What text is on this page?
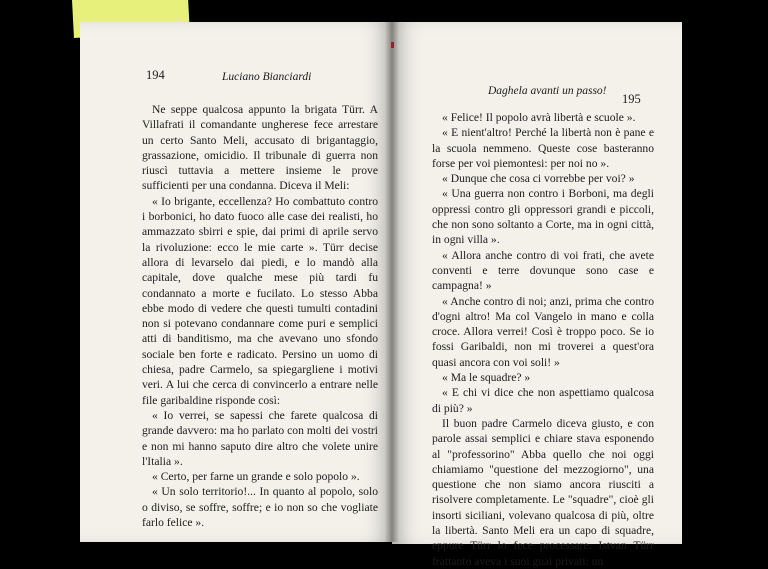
194	Luciano Bianciardi

Ne seppe qualcosa appunto la brigata Türr. A Villafrati il comandante ungherese fece arrestare un certo Santo Meli, accusato di brigantaggio, grassazione, omicidio. Il tribunale di guerra non riuscì tuttavia a mettere insieme le prove sufficienti per una condanna. Diceva il Meli:

« Io brigante, eccellenza? Ho combattuto contro i borbonici, ho dato fuoco alle case dei realisti, ho ammazzato sbirri e spie, dai primi di aprile servo la rivoluzione: ecco le mie carte ». Türr decise allora di levarselo dai piedi, e lo mandò alla capitale, dove qualche mese più tardi fu condannato a morte e fucilato. Lo stesso Abba ebbe modo di vedere che questi tumulti contadini non si potevano condannare come puri e semplici atti di banditismo, ma che avevano uno sfondo sociale ben forte e radicato. Persino un uomo di chiesa, padre Carmelo, sa spiegargliene i motivi veri. A lui che cerca di convincerlo a entrare nelle file garibaldine risponde così:

« Io verrei, se sapessi che farete qualcosa di grande davvero: ma ho parlato con molti dei vostri e non mi hanno saputo dire altro che volete unire l'Italia ».

« Certo, per farne un grande e solo popolo ».

« Un solo territorio!... In quanto al popolo, solo o diviso, se soffre, soffre; e io non so che vogliate farlo felice ».

Daghela avanti un passo!
195

« Felice! Il popolo avrà libertà e scuole ».

« E nient'altro! Perché la libertà non è pane e la scuola nemmeno. Queste cose basteranno forse per voi piemontesi: per noi no ».

« Dunque che cosa ci vorrebbe per voi? »

« Una guerra non contro i Borboni, ma degli oppressi contro gli oppressori grandi e piccoli, che non sono soltanto a Corte, ma in ogni città, in ogni villa ».

« Allora anche contro di voi frati, che avete conventi e terre dovunque sono case e campagna! »

« Anche contro di noi; anzi, prima che contro d'ogni altro! Ma col Vangelo in mano e colla croce. Allora verrei! Così è troppo poco. Se io fossi Garibaldi, non mi troverei a quest'ora quasi ancora con voi soli! »

« Ma le squadre? »

« E chi vi dice che non aspettiamo qualcosa di più? »

Il buon padre Carmelo diceva giusto, e con parole assai semplici e chiare stava esponendo al "professorino" Abba quello che noi oggi chiamiamo "questione del mezzogiorno", una questione che non siamo ancora riusciti a risolvere completamente. Le "squadre", cioè gli insorti siciliani, volevano qualcosa di più, oltre la libertà. Santo Meli era un capo di squadre, eppure Türr lo fece processare. Istvan Türr frattanto aveva i suoi guai privati: un
